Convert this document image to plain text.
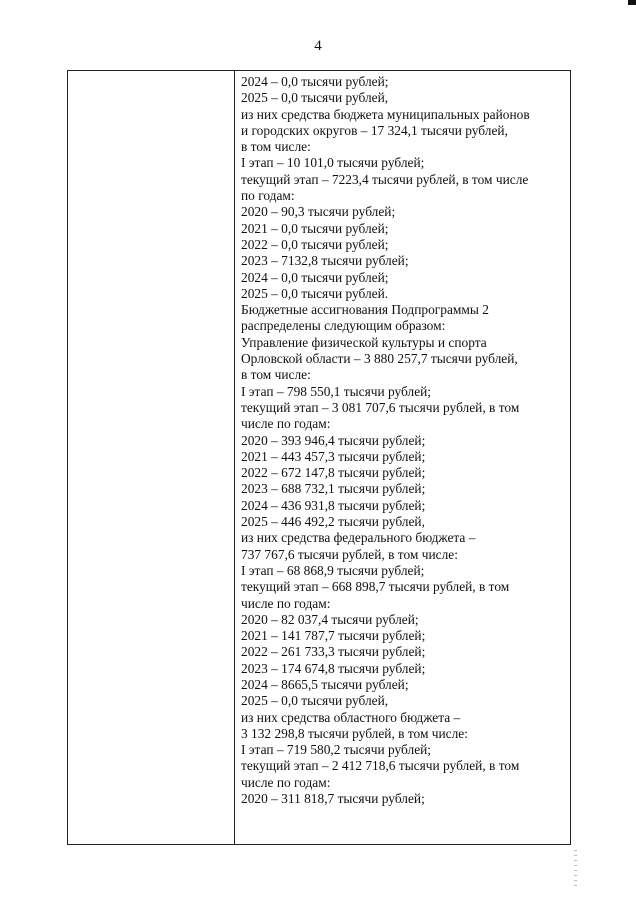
4
2024 – 0,0 тысячи рублей;
2025 – 0,0 тысячи рублей,
из них средства бюджета муниципальных районов
и городских округов – 17 324,1 тысячи рублей,
в том числе:
I этап – 10 101,0 тысячи рублей;
текущий этап – 7223,4 тысячи рублей, в том числе
по годам:
2020 – 90,3 тысячи рублей;
2021 – 0,0 тысячи рублей;
2022 – 0,0 тысячи рублей;
2023 – 7132,8 тысячи рублей;
2024 – 0,0 тысячи рублей;
2025 – 0,0 тысячи рублей.
Бюджетные ассигнования Подпрограммы 2
распределены следующим образом:
Управление физической культуры и спорта
Орловской области – 3 880 257,7 тысячи рублей,
в том числе:
I этап – 798 550,1 тысячи рублей;
текущий этап – 3 081 707,6 тысячи рублей, в том
числе по годам:
2020 – 393 946,4 тысячи рублей;
2021 – 443 457,3 тысячи рублей;
2022 – 672 147,8 тысячи рублей;
2023 – 688 732,1 тысячи рублей;
2024 – 436 931,8 тысячи рублей;
2025 – 446 492,2 тысячи рублей,
из них средства федерального бюджета –
737 767,6 тысячи рублей, в том числе:
I этап – 68 868,9 тысячи рублей;
текущий этап – 668 898,7 тысячи рублей, в том
числе по годам:
2020 – 82 037,4 тысячи рублей;
2021 – 141 787,7 тысячи рублей;
2022 – 261 733,3 тысячи рублей;
2023 – 174 674,8 тысячи рублей;
2024 – 8665,5 тысячи рублей;
2025 – 0,0 тысячи рублей,
из них средства областного бюджета –
3 132 298,8 тысячи рублей, в том числе:
I этап – 719 580,2 тысячи рублей;
текущий этап – 2 412 718,6 тысячи рублей, в том
числе по годам:
2020 – 311 818,7 тысячи рублей;
